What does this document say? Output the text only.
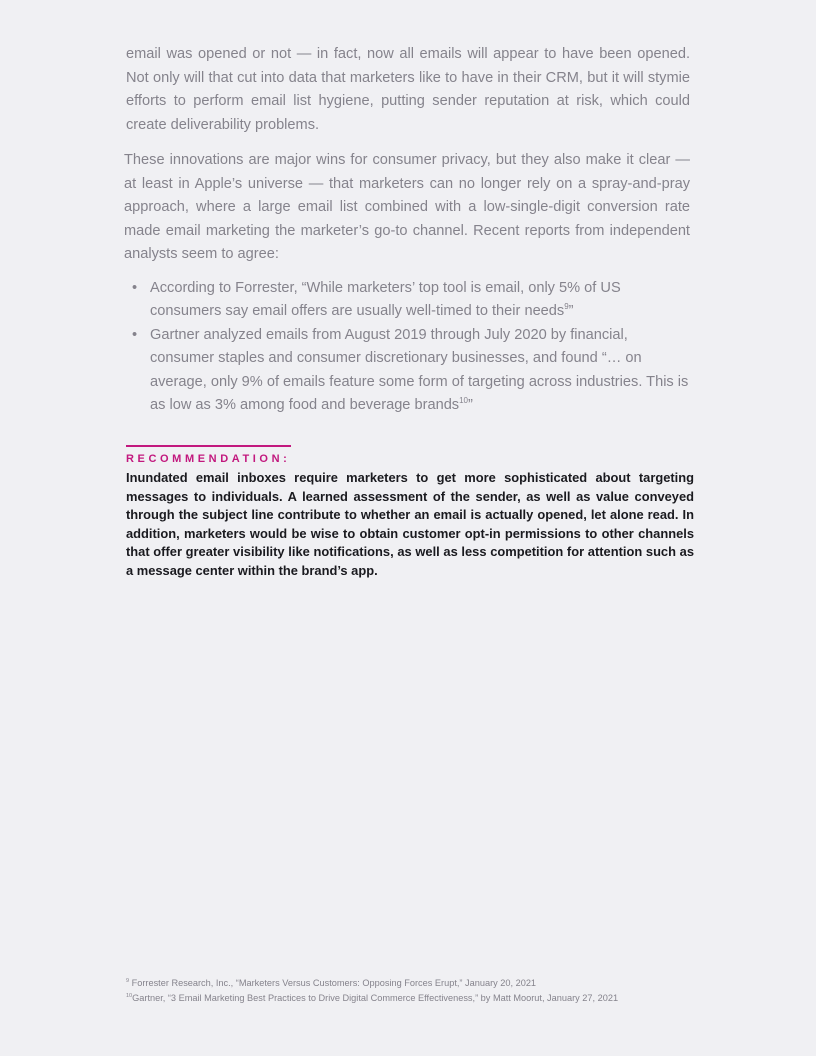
email was opened or not — in fact, now all emails will appear to have been opened. Not only will that cut into data that marketers like to have in their CRM, but it will stymie efforts to perform email list hygiene, putting sender reputation at risk, which could create deliverability problems.

These innovations are major wins for consumer privacy, but they also make it clear — at least in Apple’s universe — that marketers can no longer rely on a spray-and-pray approach, where a large email list combined with a low-single-digit conversion rate made email marketing the marketer’s go-to channel. Recent reports from independent analysts seem to agree:

• According to Forrester, “While marketers’ top tool is email, only 5% of US consumers say email offers are usually well-timed to their needs$^9$”
• Gartner analyzed emails from August 2019 through July 2020 by financial, consumer staples and consumer discretionary businesses, and found “… on average, only 9% of emails feature some form of targeting across industries. This is as low as 3% among food and beverage brands$^{10}$”
RECOMMENDATION:

Inundated email inboxes require marketers to get more sophisticated about targeting messages to individuals. A learned assessment of the sender, as well as value conveyed through the subject line contribute to whether an email is actually opened, let alone read. In addition, marketers would be wise to obtain customer opt-in permissions to other channels that offer greater visibility like notifications, as well as less competition for attention such as a message center within the brand’s app.

$^9$ Forrester Research, Inc., “Marketers Versus Customers: Opposing Forces Erupt,” January 20, 2021

$^{10}$Gartner, “3 Email Marketing Best Practices to Drive Digital Commerce Effectiveness,” by Matt Moorut, January 27, 2021
